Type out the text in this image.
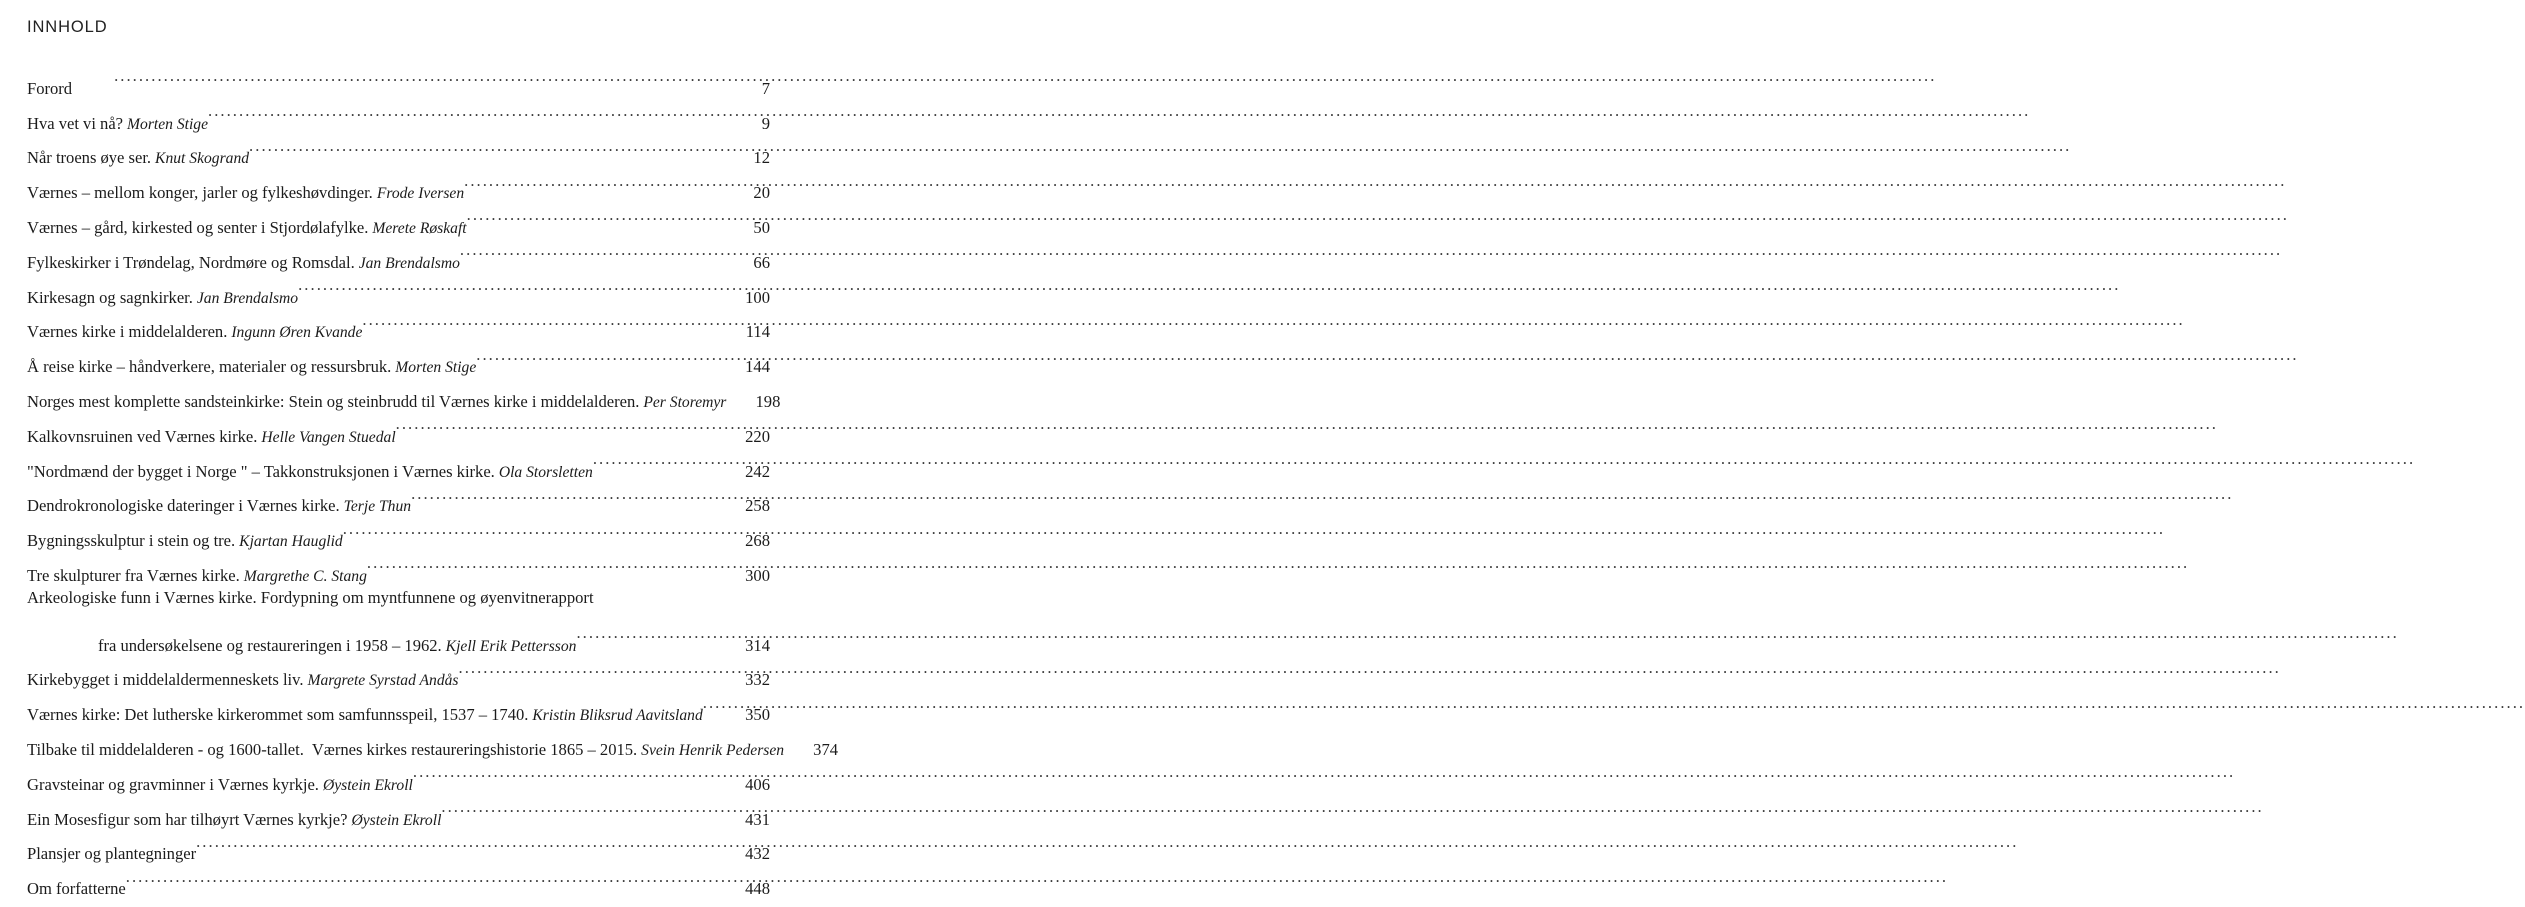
INNHOLD
Forord .....	7
Hva vet vi nå? Morten Stige .....	9
Når troens øye ser. Knut Skogrand .....	12
Værnes – mellom konger, jarler og fylkeshøvdinger. Frode Iversen .....	20
Værnes – gård, kirkested og senter i Stjordølafylke. Merete Røskaft .....	50
Fylkeskirker i Trøndelag, Nordmøre og Romsdal. Jan Brendalsmo .....	66
Kirkesagn og sagnkirker. Jan Brendalsmo .....	100
Værnes kirke i middelalderen. Ingunn Øren Kvande .....	114
Å reise kirke – håndverkere, materialer og ressursbruk. Morten Stige .....	144
Norges mest komplette sandsteinkirke: Stein og steinbrudd til Værnes kirke i middelalderen. Per Storemyr	198
Kalkovnsruinen ved Værnes kirke. Helle Vangen Stuedal .....	220
"Nordmænd der bygget i Norge " – Takkonstruksjonen i Værnes kirke. Ola Storsletten .....	242
Dendrokronologiske dateringer i Værnes kirke. Terje Thun .....	258
Bygningsskulptur i stein og tre. Kjartan Hauglid .....	268
Tre skulpturer fra Værnes kirke. Margrethe C. Stang .....	300
Arkeologiske funn i Værnes kirke. Fordypning om myntfunnene og øyenvitnerapport
fra undersøkelsene og restaureringen i 1958 – 1962. Kjell Erik Pettersson .....	314
Kirkebygget i middelaldermenneskets liv. Margrete Syrstad Andås .....	332
Værnes kirke: Det lutherske kirkerommet som samfunnsspeil, 1537 – 1740. Kristin Bliksrud Aavitsland .....	350
Tilbake til middelalderen - og 1600-tallet.  Værnes kirkes restaureringshistorie 1865 – 2015. Svein Henrik Pedersen	374
Gravsteinar og gravminner i Værnes kyrkje. Øystein Ekroll .....	406
Ein Mosesfigur som har tilhøyrt Værnes kyrkje? Øystein Ekroll .....	431
Plansjer og plantegninger .....	432
Om forfatterne .....	448
